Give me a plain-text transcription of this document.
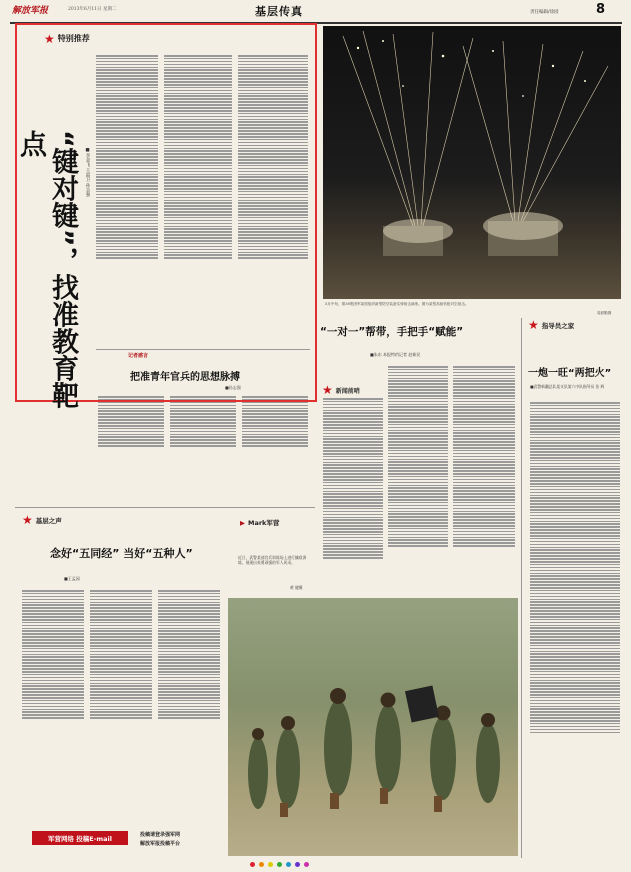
解放军报	2013年6月11日 星期二	基层传真	责任编辑/徐园	8
★ 特别推荐
“键对键”，找准教育靶点
■李金飞 王韶卫 孙志强
记者感言
把准青年官兵的思想脉搏
■孙志强
5月中旬，第38集团军某旅组织新型防空装备实弹射击演练。图为某型高射机枪对空射击。
周跃勤摄
“一对一”帮带，手把手“赋能”
■朱东 本报特约记者 赵新民
★ 新闻前哨
★ 指导员之家
一炮一旺“两把火”
■武警新疆总队某支队第六中队指导员 张 辉
★ 基层之声
念好“五同经” 当好“五种人”
■王孟园
▶ Mark军营
近日，武警某部官兵训练场上进行擒敌训练，展现出英勇顽强的军人风采。
黄 健摄
军营网络 投稿E-mail	投稿请登录强军网
解放军报投稿平台
